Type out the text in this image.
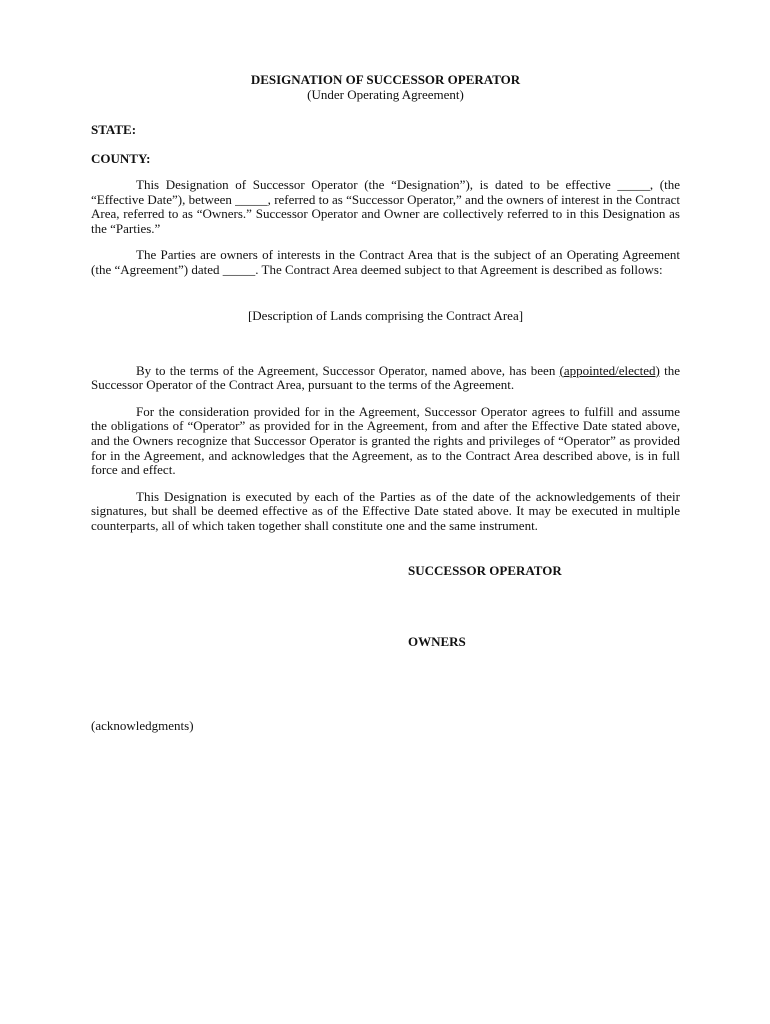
DESIGNATION OF SUCCESSOR OPERATOR
(Under Operating Agreement)
STATE:
COUNTY:

This Designation of Successor Operator (the “Designation”), is dated to be effective _____, (the “Effective Date”), between _____, referred to as “Successor Operator,” and the owners of interest in the Contract Area, referred to as “Owners.” Successor Operator and Owner are collectively referred to in this Designation as the “Parties.”

The Parties are owners of interests in the Contract Area that is the subject of an Operating Agreement (the “Agreement”) dated _____. The Contract Area deemed subject to that Agreement is described as follows:

[Description of Lands comprising the Contract Area]

By to the terms of the Agreement, Successor Operator, named above, has been (appointed/elected) the Successor Operator of the Contract Area, pursuant to the terms of the Agreement.

For the consideration provided for in the Agreement, Successor Operator agrees to fulfill and assume the obligations of “Operator” as provided for in the Agreement, from and after the Effective Date stated above, and the Owners recognize that Successor Operator is granted the rights and privileges of “Operator” as provided for in the Agreement, and acknowledges that the Agreement, as to the Contract Area described above, is in full force and effect.

This Designation is executed by each of the Parties as of the date of the acknowledgements of their signatures, but shall be deemed effective as of the Effective Date stated above. It may be executed in multiple counterparts, all of which taken together shall constitute one and the same instrument.

SUCCESSOR OPERATOR
OWNERS
(acknowledgments)
